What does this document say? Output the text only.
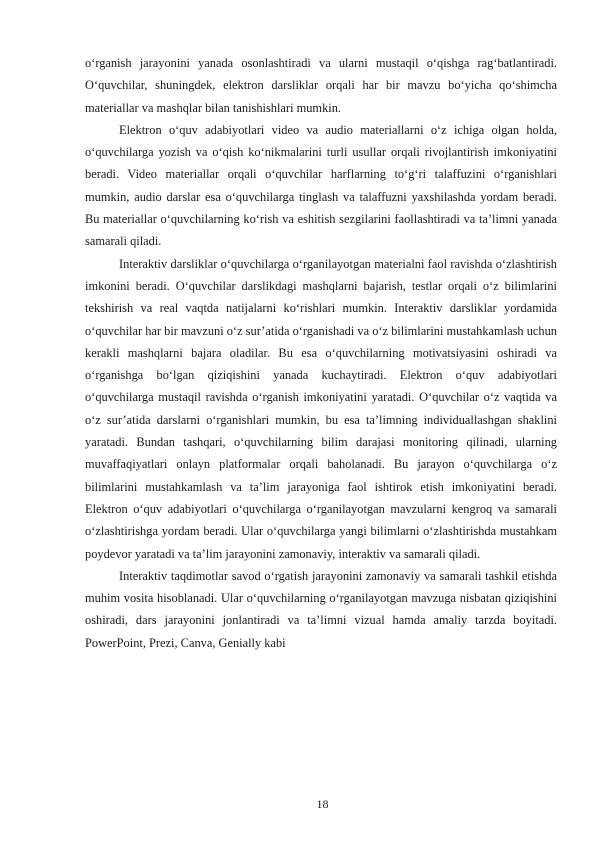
o‘rganish jarayonini yanada osonlashtiradi va ularni mustaqil o‘qishga rag‘batlantiradi. O‘quvchilar, shuningdek, elektron darsliklar orqali har bir mavzu bo‘yicha qo‘shimcha materiallar va mashqlar bilan tanishishlari mumkin.

Elektron o‘quv adabiyotlari video va audio materiallarni o‘z ichiga olgan holda, o‘quvchilarga yozish va o‘qish ko‘nikmalarini turli usullar orqali rivojlantirish imkoniyatini beradi. Video materiallar orqali o‘quvchilar harflarning to‘g‘ri talaffuzini o‘rganishlari mumkin, audio darslar esa o‘quvchilarga tinglash va talaffuzni yaxshilashda yordam beradi. Bu materiallar o‘quvchilarning ko‘rish va eshitish sezgilarini faollashtiradi va ta’limni yanada samarali qiladi.

Interaktiv darsliklar o‘quvchilarga o‘rganilayotgan materialni faol ravishda o‘zlashtirish imkonini beradi. O‘quvchilar darslikdagi mashqlarni bajarish, testlar orqali o‘z bilimlarini tekshirish va real vaqtda natijalarni ko‘rishlari mumkin. Interaktiv darsliklar yordamida o‘quvchilar har bir mavzuni o‘z sur’atida o‘rganishadi va o‘z bilimlarini mustahkamlash uchun kerakli mashqlarni bajara oladilar. Bu esa o‘quvchilarning motivatsiyasini oshiradi va o‘rganishga bo‘lgan qiziqishini yanada kuchaytiradi. Elektron o‘quv adabiyotlari o‘quvchilarga mustaqil ravishda o‘rganish imkoniyatini yaratadi. O‘quvchilar o‘z vaqtida va o‘z sur’atida darslarni o‘rganishlari mumkin, bu esa ta’limning individuallashgan shaklini yaratadi. Bundan tashqari, o‘quvchilarning bilim darajasi monitoring qilinadi, ularning muvaffaqiyatlari onlayn platformalar orqali baholanadi. Bu jarayon o‘quvchilarga o‘z bilimlarini mustahkamlash va ta’lim jarayoniga faol ishtirok etish imkoniyatini beradi. Elektron o‘quv adabiyotlari o‘quvchilarga o‘rganilayotgan mavzularni kengroq va samarali o‘zlashtirishga yordam beradi. Ular o‘quvchilarga yangi bilimlarni o‘zlashtirishda mustahkam poydevor yaratadi va ta’lim jarayonini zamonaviy, interaktiv va samarali qiladi.

Interaktiv taqdimotlar savod o‘rgatish jarayonini zamonaviy va samarali tashkil etishda muhim vosita hisoblanadi. Ular o‘quvchilarning o‘rganilayotgan mavzuga nisbatan qiziqishini oshiradi, dars jarayonini jonlantiradi va ta’limni vizual hamda amaliy tarzda boyitadi. PowerPoint, Prezi, Canva, Genially kabi

18
